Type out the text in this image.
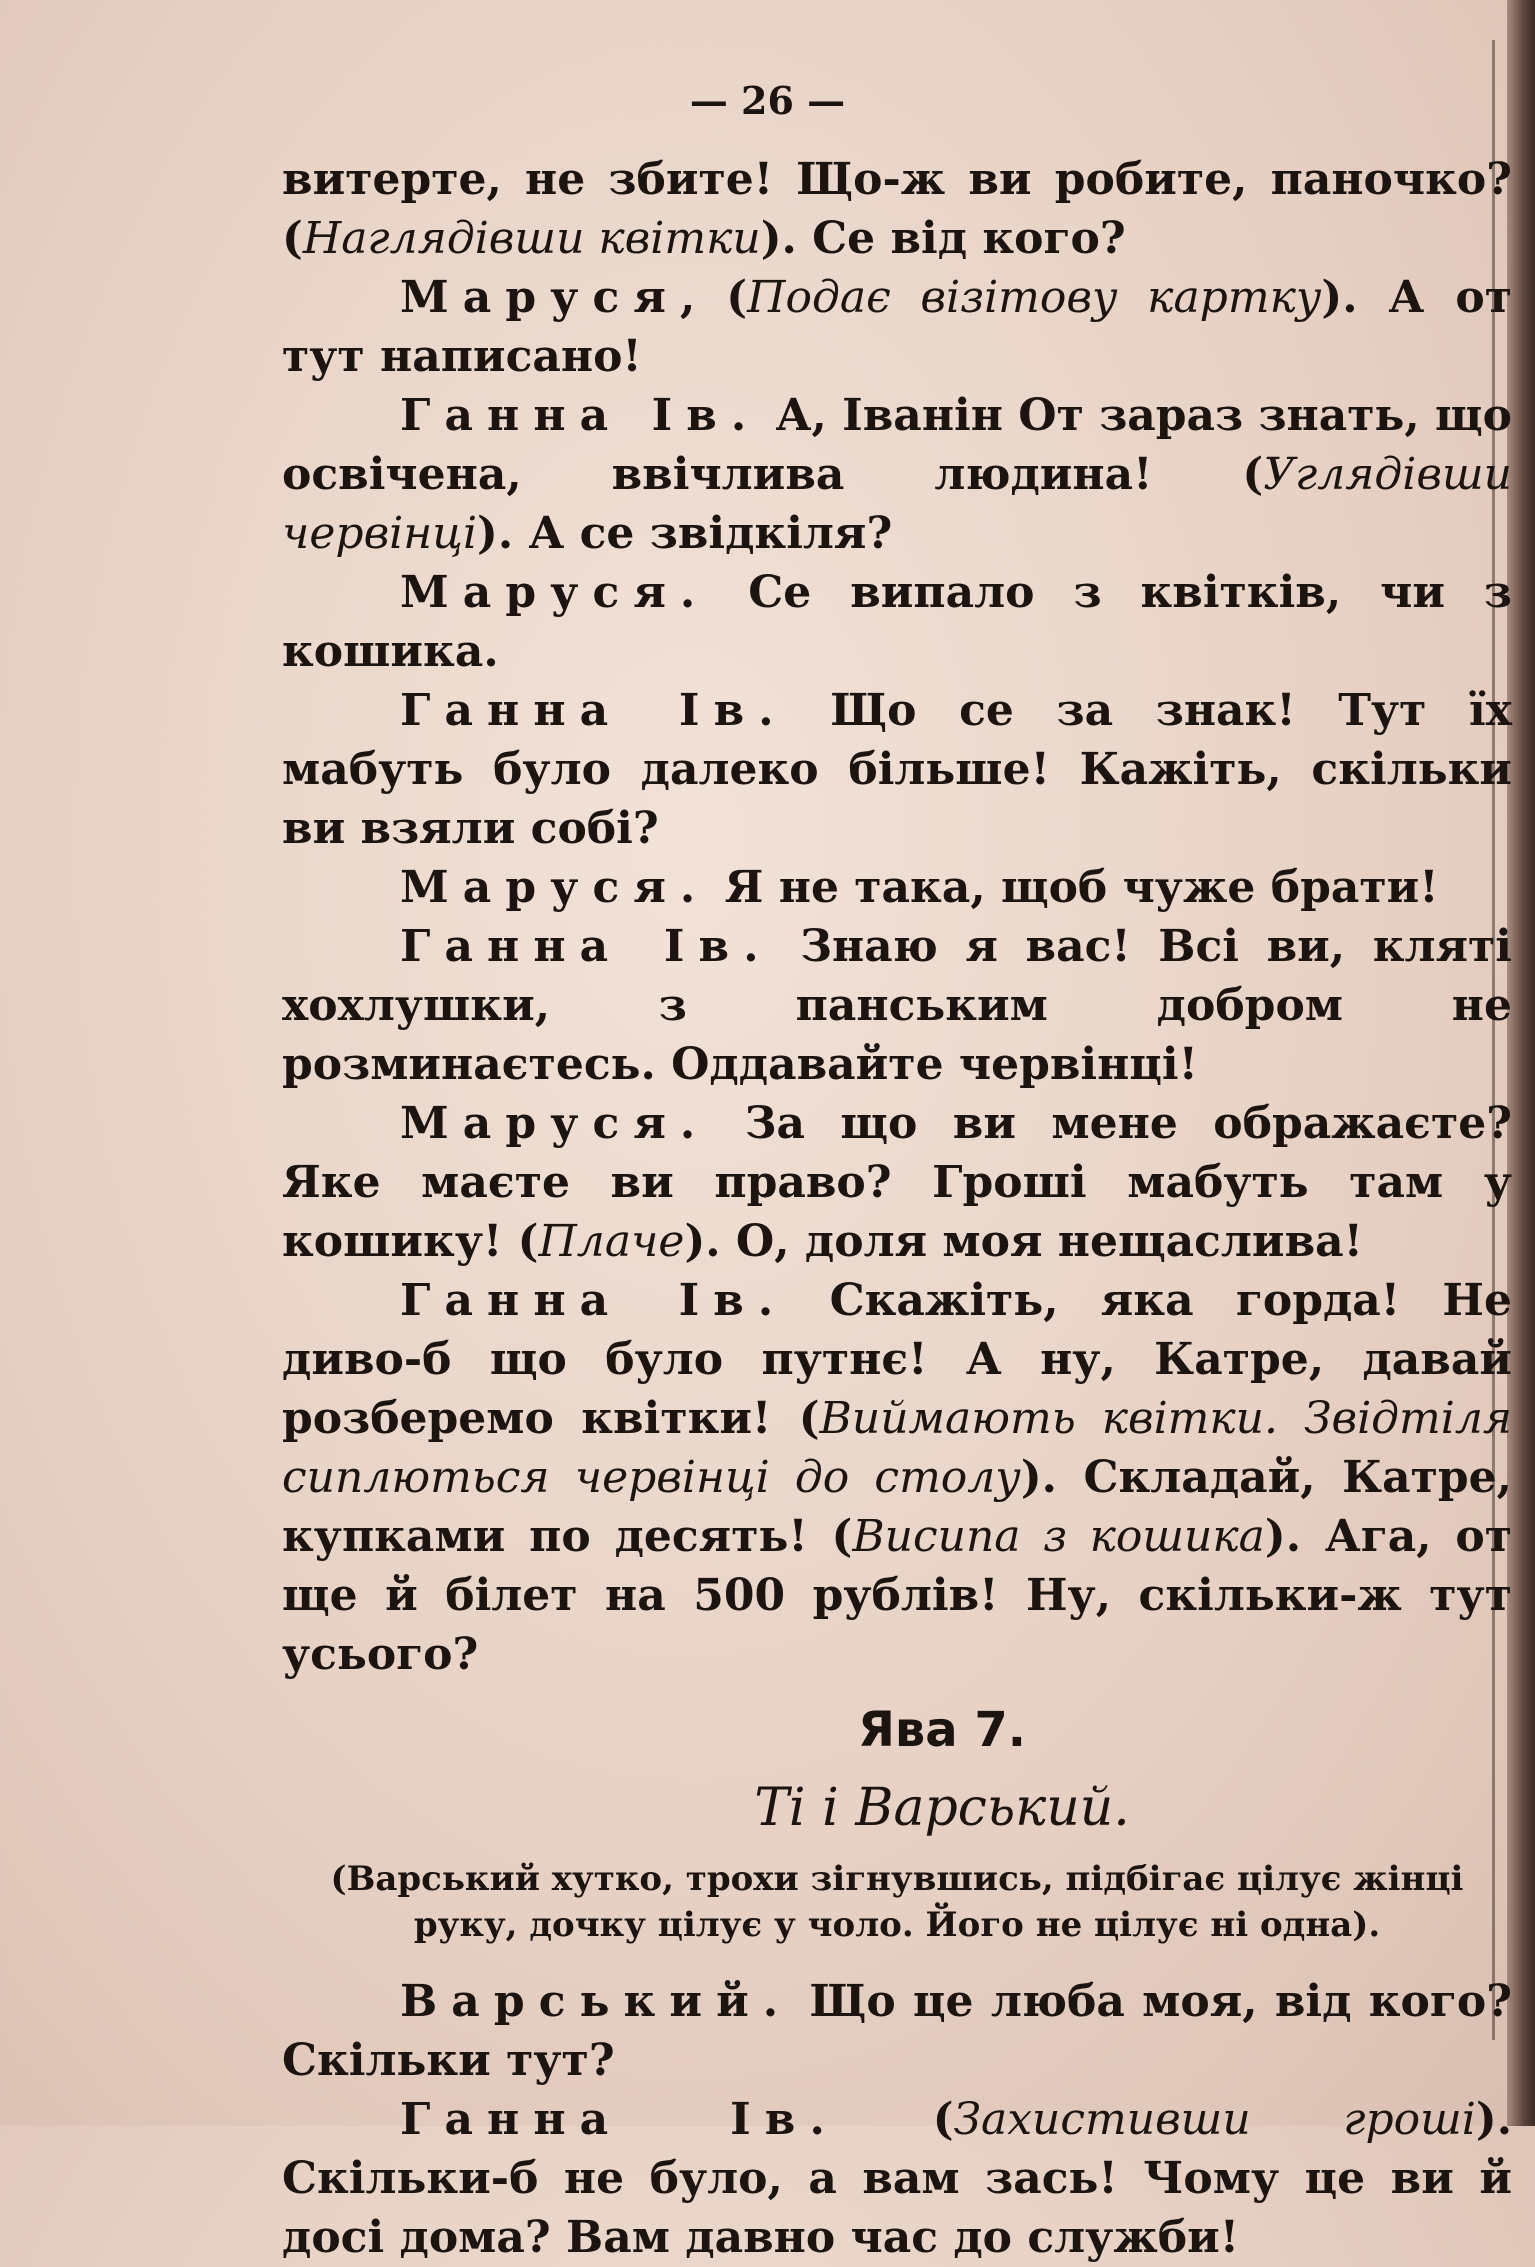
— 26 —

витерте, не збите! Що-ж ви робите, паночко? (Наглядівши квітки). Се від кого?

Маруся, (Подає візітову картку). А от тут написано!

Ганна Ів. А, Іванін От зараз знать, що освічена, ввічлива людина! (Углядівши червінці). А се звідкіля?

Маруся. Се випало з квітків, чи з кошика.

Ганна Ів. Що се за знак! Тут їх мабуть було далеко більше! Кажіть, скільки ви взяли собі?

Маруся. Я не така, щоб чуже брати!

Ганна Ів. Знаю я вас! Всі ви, кляті хохлушки, з панським добром не розминаєтесь. Оддавайте червінці!

Маруся. За що ви мене ображаєте? Яке маєте ви право? Гроші мабуть там у кошику! (Плаче). О, доля моя нещаслива!

Ганна Ів. Скажіть, яка горда! Не диво-б що було путнє! А ну, Катре, давай розберемо квітки! (Виймають квітки. Звідтіля сиплються червінці до столу). Складай, Катре, купками по десять! (Висипа з кошика). Ага, от ще й білет на 500 рублів! Ну, скільки-ж тут усього?

Ява 7.
Ті і Варський.
(Варський хутко, трохи зігнувшись, підбігає цілує жінці руку, дочку цілує у чоло. Його не цілує ні одна).

Варський. Що це люба моя, від кого? Скільки тут?

Ганна Ів. (Захистивши гроші). Скільки-б не було, а вам зась! Чому це ви й досі дома? Вам давно час до служби!
